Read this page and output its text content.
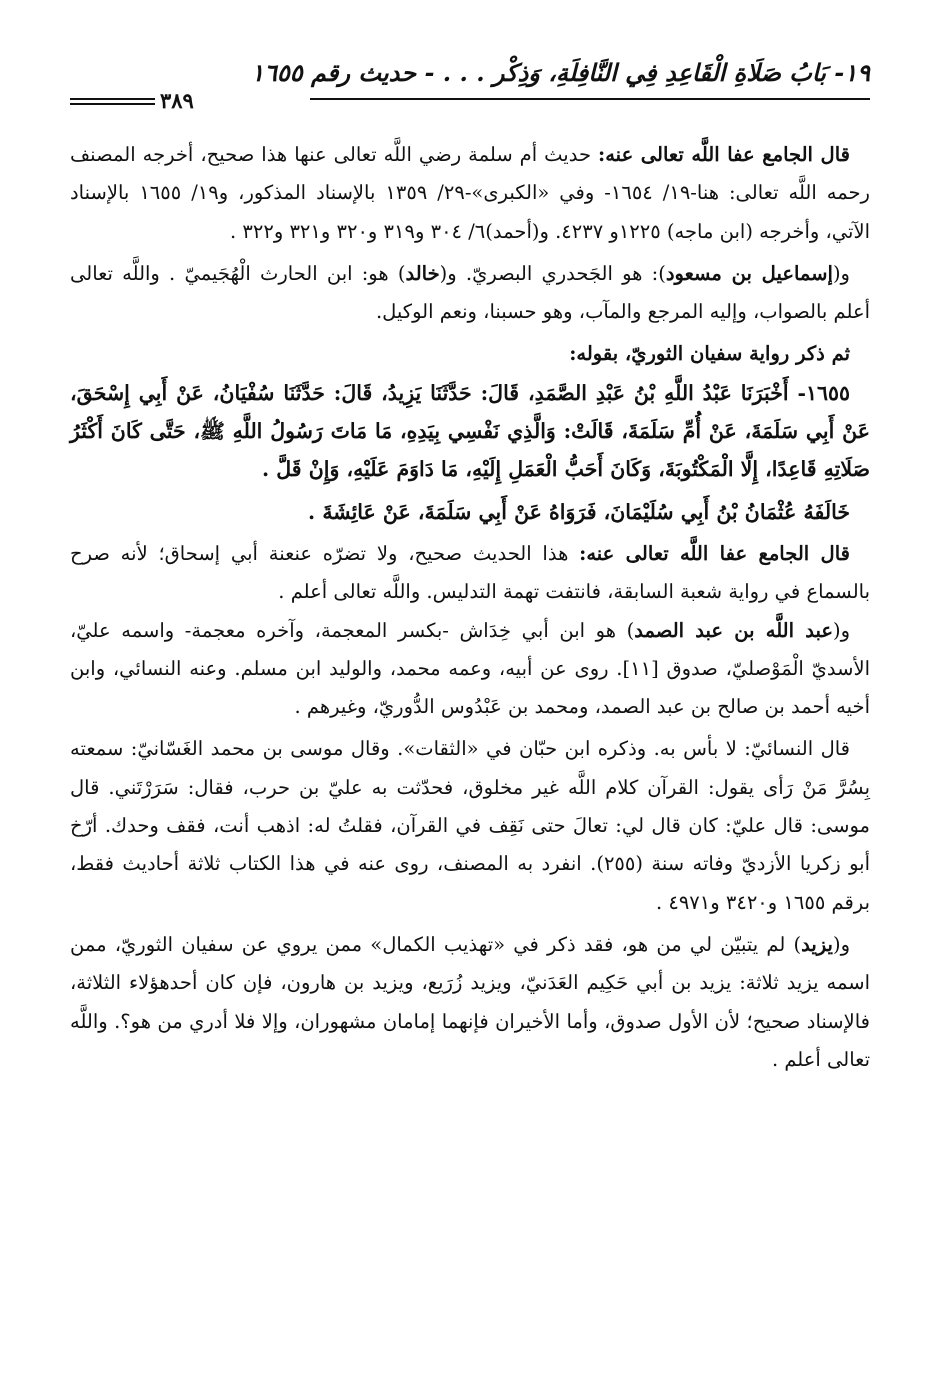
١٩- بَابُ صَلَاةِ الْقَاعِدِ فِي النَّافِلَةِ، وَذِكْر . . . - حديث رقم ١٦٥٥
٣٨٩

قال الجامع عفا اللَّه تعالى عنه: حديث أم سلمة رضي اللَّه تعالى عنها هذا صحيح، أخرجه المصنف رحمه اللَّه تعالى: هنا-١٩/ ١٦٥٤- وفي «الكبرى»-٢٩/ ١٣٥٩ بالإسناد المذكور، و١٩/ ١٦٥٥ بالإسناد الآتي، وأخرجه (ابن ماجه) ١٢٢٥و ٤٢٣٧. و(أحمد)٦/ ٣٠٤ و٣١٩ و٣٢٠ و٣٢١ و٣٢٢ .

و(إسماعيل بن مسعود): هو الجَحدري البصريّ. و(خالد) هو: ابن الحارث الْهُجَيميّ . واللَّه تعالى أعلم بالصواب، وإليه المرجع والمآب، وهو حسبنا، ونعم الوكيل.

ثم ذكر رواية سفيان الثوريّ، بقوله:

١٦٥٥- أَخْبَرَنَا عَبْدُ اللَّهِ بْنُ عَبْدِ الصَّمَدِ، قَالَ: حَدَّثَنَا يَزِيدُ، قَالَ: حَدَّثَنَا سُفْيَانُ، عَنْ أَبِي إِسْحَقَ، عَنْ أَبِي سَلَمَةَ، عَنْ أُمِّ سَلَمَةَ، قَالَتْ: وَالَّذِي نَفْسِي بِيَدِهِ، مَا مَاتَ رَسُولُ اللَّهِ ﷺ، حَتَّى كَانَ أَكْثَرُ صَلَاتِهِ قَاعِدًا، إِلَّا الْمَكْتُوبَةَ، وَكَانَ أَحَبُّ الْعَمَلِ إِلَيْهِ، مَا دَاوَمَ عَلَيْهِ، وَإِنْ قَلَّ .

خَالَفَهُ عُثْمَانُ بْنُ أَبِي سُلَيْمَانَ، فَرَوَاهُ عَنْ أَبِي سَلَمَةَ، عَنْ عَائِشَةَ .

قال الجامع عفا اللَّه تعالى عنه: هذا الحديث صحيح، ولا تضرّه عنعنة أبي إسحاق؛ لأنه صرح بالسماع في رواية شعبة السابقة، فانتفت تهمة التدليس. واللَّه تعالى أعلم .

و(عبد اللَّه بن عبد الصمد) هو ابن أبي خِدَاش -بكسر المعجمة، وآخره معجمة- واسمه عليّ، الأسديّ الْمَوْصليّ، صدوق [١١]. روى عن أبيه، وعمه محمد، والوليد ابن مسلم. وعنه النسائي، وابن أخيه أحمد بن صالح بن عبد الصمد، ومحمد بن عَبْدُوس الدُّوريّ، وغيرهم .

قال النسائيّ: لا بأس به. وذكره ابن حبّان في «الثقات». وقال موسى بن محمد الغَسّانيّ: سمعته بِسُرَّ مَنْ رَأى يقول: القرآن كلام اللَّه غير مخلوق، فحدّثت به عليّ بن حرب، فقال: سَرَرْتَني. قال موسى: قال عليّ: كان قال لي: تعالَ حتى نَقِف في القرآن، فقلتُ له: اذهب أنت، فقف وحدك. أرّخ أبو زكريا الأزديّ وفاته سنة (٢٥٥). انفرد به المصنف، روى عنه في هذا الكتاب ثلاثة أحاديث فقط، برقم ١٦٥٥ و٣٤٢٠ و٤٩٧١ .

و(يزيد) لم يتبيّن لي من هو، فقد ذكر في «تهذيب الكمال» ممن يروي عن سفيان الثوريّ، ممن اسمه يزيد ثلاثة: يزيد بن أبي حَكِيم العَدَنيّ، ويزيد زُرَيع، ويزيد بن هارون، فإن كان أحدهؤلاء الثلاثة، فالإسناد صحيح؛ لأن الأول صدوق، وأما الأخيران فإنهما إمامان مشهوران، وإلا فلا أدري من هو؟. واللَّه تعالى أعلم .
